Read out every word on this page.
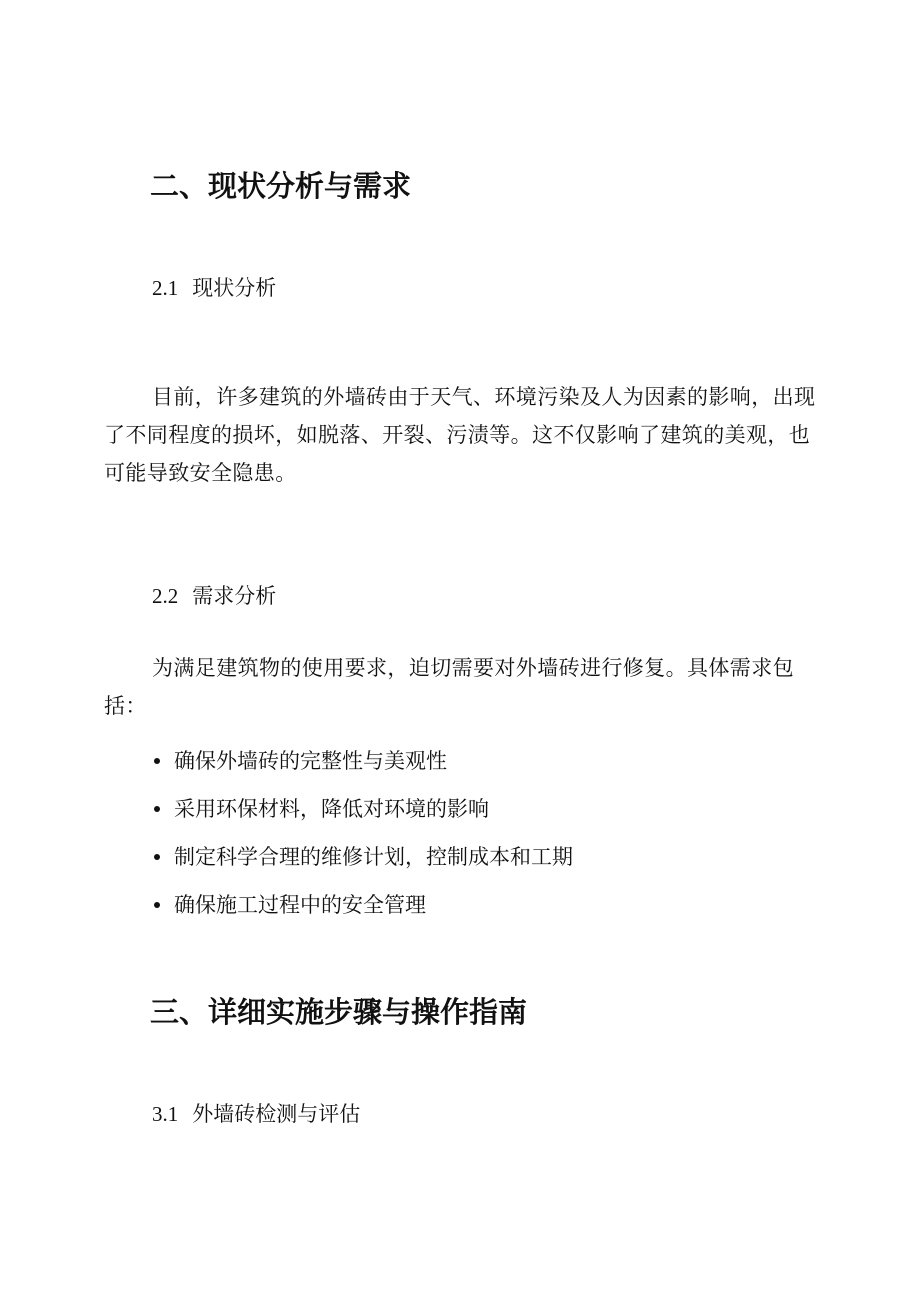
二、现状分析与需求
2.1 现状分析
目前，许多建筑的外墙砖由于天气、环境污染及人为因素的影响，出现了不同程度的损坏，如脱落、开裂、污渍等。这不仅影响了建筑的美观，也可能导致安全隐患。
2.2 需求分析
为满足建筑物的使用要求，迫切需要对外墙砖进行修复。具体需求包括：
确保外墙砖的完整性与美观性
采用环保材料，降低对环境的影响
制定科学合理的维修计划，控制成本和工期
确保施工过程中的安全管理
三、详细实施步骤与操作指南
3.1 外墙砖检测与评估
